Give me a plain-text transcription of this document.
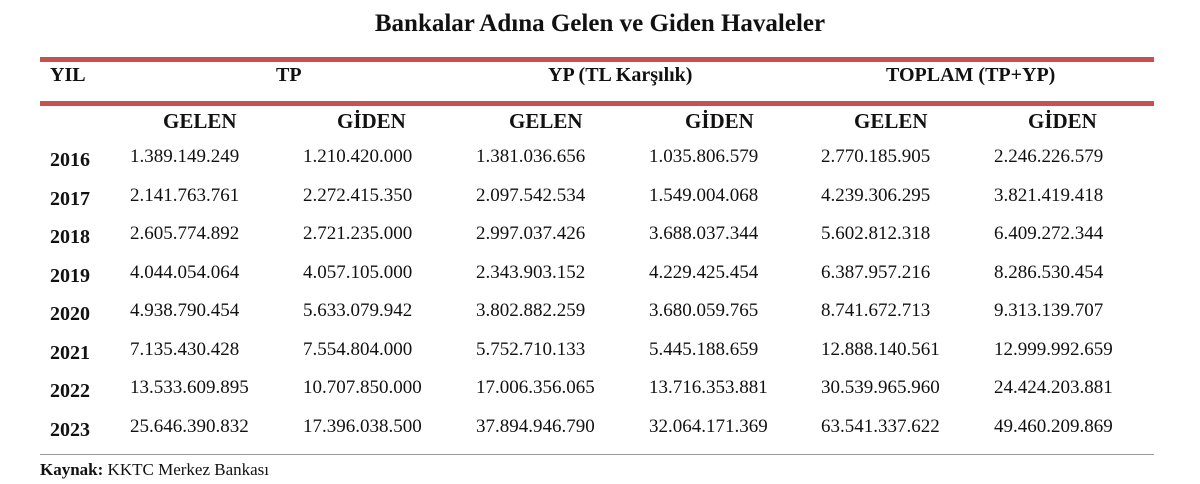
Bankalar Adına Gelen ve Giden Havaleler
YIL	TP	YP (TL Karşılık)	TOPLAM (TP+YP)
GELEN	GİDEN	GELEN	GİDEN	GELEN	GİDEN
2016 1.389.149.249	1.210.420.000	1.381.036.656	1.035.806.579	2.770.185.905	2.246.226.579
2017 2.141.763.761	2.272.415.350	2.097.542.534	1.549.004.068	4.239.306.295	3.821.419.418
2018 2.605.774.892	2.721.235.000	2.997.037.426	3.688.037.344	5.602.812.318	6.409.272.344
2019 4.044.054.064	4.057.105.000	2.343.903.152	4.229.425.454	6.387.957.216	8.286.530.454
2020 4.938.790.454	5.633.079.942	3.802.882.259	3.680.059.765	8.741.672.713	9.313.139.707
2021 7.135.430.428	7.554.804.000	5.752.710.133	5.445.188.659	12.888.140.561	12.999.992.659
2022 13.533.609.895	10.707.850.000	17.006.356.065	13.716.353.881	30.539.965.960	24.424.203.881
2023 25.646.390.832	17.396.038.500	37.894.946.790	32.064.171.369	63.541.337.622	49.460.209.869
Kaynak: KKTC Merkez Bankası
